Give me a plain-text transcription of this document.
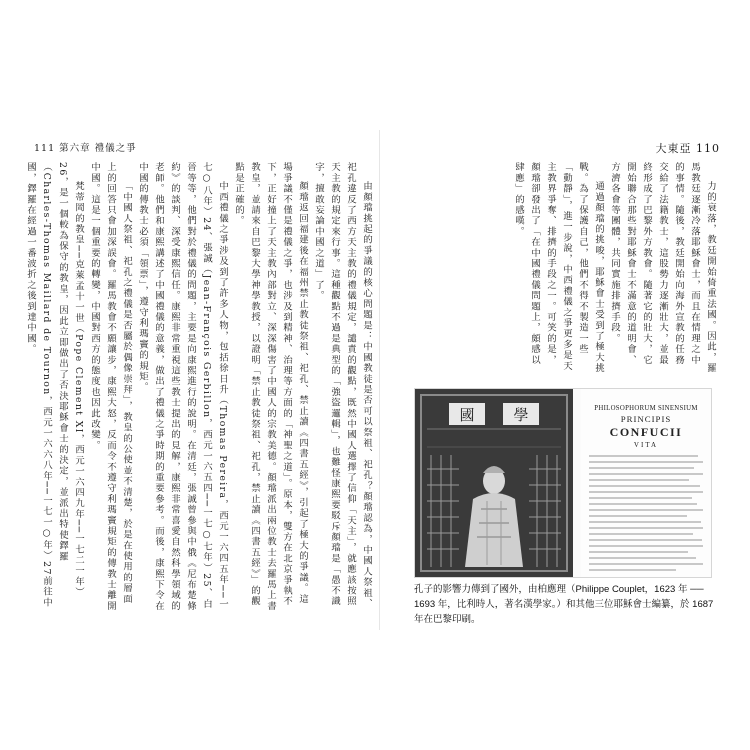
111 第六章 禮儀之爭

由顏璫挑起的爭議的核心問題是：中國教徒是否可以祭祖、祀孔？顏璫認為，中國人祭祖、祀孔違反了西方天主教的禮儀規定，譴責的觀點，既然中國人選擇了信仰「天主」，就應該按照天主教的規定來行事。這種觀點不過是典型的「強盜邏輯」，也難怪康熙要駁斥顏璫是「愚不識字，擅敢妄論中國之道」了。

顏璫返回福建後在福州禁止教徒祭祖、祀孔、禁止讀《四書五經》，引起了極大的爭議。這場爭議不僅是禮儀之爭，也涉及到精神、治理等方面的「神聖之道」。原本，雙方在北京爭執不下，正好撞上了天主教內部對立、深深傷害了中國人的宗教美德。顏璫派出兩位教士去羅馬上書教皇，並請來自巴黎大學神學教授，以證明「禁止教徒祭祖、祀孔，禁止讀《四書五經》」的觀點是正確的。

中西禮儀之爭涉及到了許多人物，包括徐日升（Thomas Pereira，西元一六四五年──一七○八年）24、張誠（Jean-François Gerbillon，西元一六五四──一七○七年）25、白晉等等，他們對於禮儀的問題，主要是向康熙進行的說明。在清廷，張誠曾參與中俄《尼布楚條約》的談判、深受康熙信任。康熙非常重視這些教士提出的見解，康熙非常喜愛自然科學領域的老師。他們和康熙講述了中國禮儀的意義，做出了禮儀之爭時期的重要參考。而後，康熙下令在中國的傳教士必須「領票」，遵守利瑪竇的規矩。

「中國人祭祖、祀孔之禮儀是否屬於偶像崇拜」，教皇的公使並不清楚，於是在使用的層面上的回答只會加深誤會。羅馬教會不願讓步，康熙大怒，反而令不遵守利瑪竇規矩的傳教士離開中國。這是一個重要的轉變，中國對西方的態度也因此改變。

梵蒂岡的教皇──克萊孟十一世（Pope Clement XI，西元一六四九年──一七二一年）26，是一個較為保守的教皇，因此立即做出了否決耶穌會士的決定，並派出特使鐸羅（Charles-Thomas Maillard de Tournon，西元一六六八年──一七一○年）27前往中國，鐸羅在經過一番波折之後到達中國。

大東亞 110

力的衰落，教廷開始倚重法國。因此，羅馬教廷逐漸冷落耶穌會士，而且在情理之中的事情。隨後，教廷開始向海外宣教的任務交給了法籍教士，這股勢力逐漸壯大，並最終形成了巴黎外方教會。隨著它的壯大，它開始聯合那些對耶穌會士不滿意的道明會、方濟各會等團體，共同實施排擠手段。

通過顏璫的挑唆，耶穌會士受到了極大挑戰。為了保護自己，他們不得不製造一些「動靜」，進一步說，中西禮儀之爭更多是天主教界爭奪、排擠的手段之一。可笑的是，顏璫卻發出了「在中國禮儀問題上，頗感以肆應」的感嘆。

國	學	PHILOSOPHORUM SINENSIUM
PRINCIPIS
CONFUCII
VITA
孔子的影響力傳到了國外，由柏應理（Philippe Couplet，1623 年 ── 1693 年，比利時人，著名漢學家。）和其他三位耶穌會士編纂，於 1687 年在巴黎印刷。
